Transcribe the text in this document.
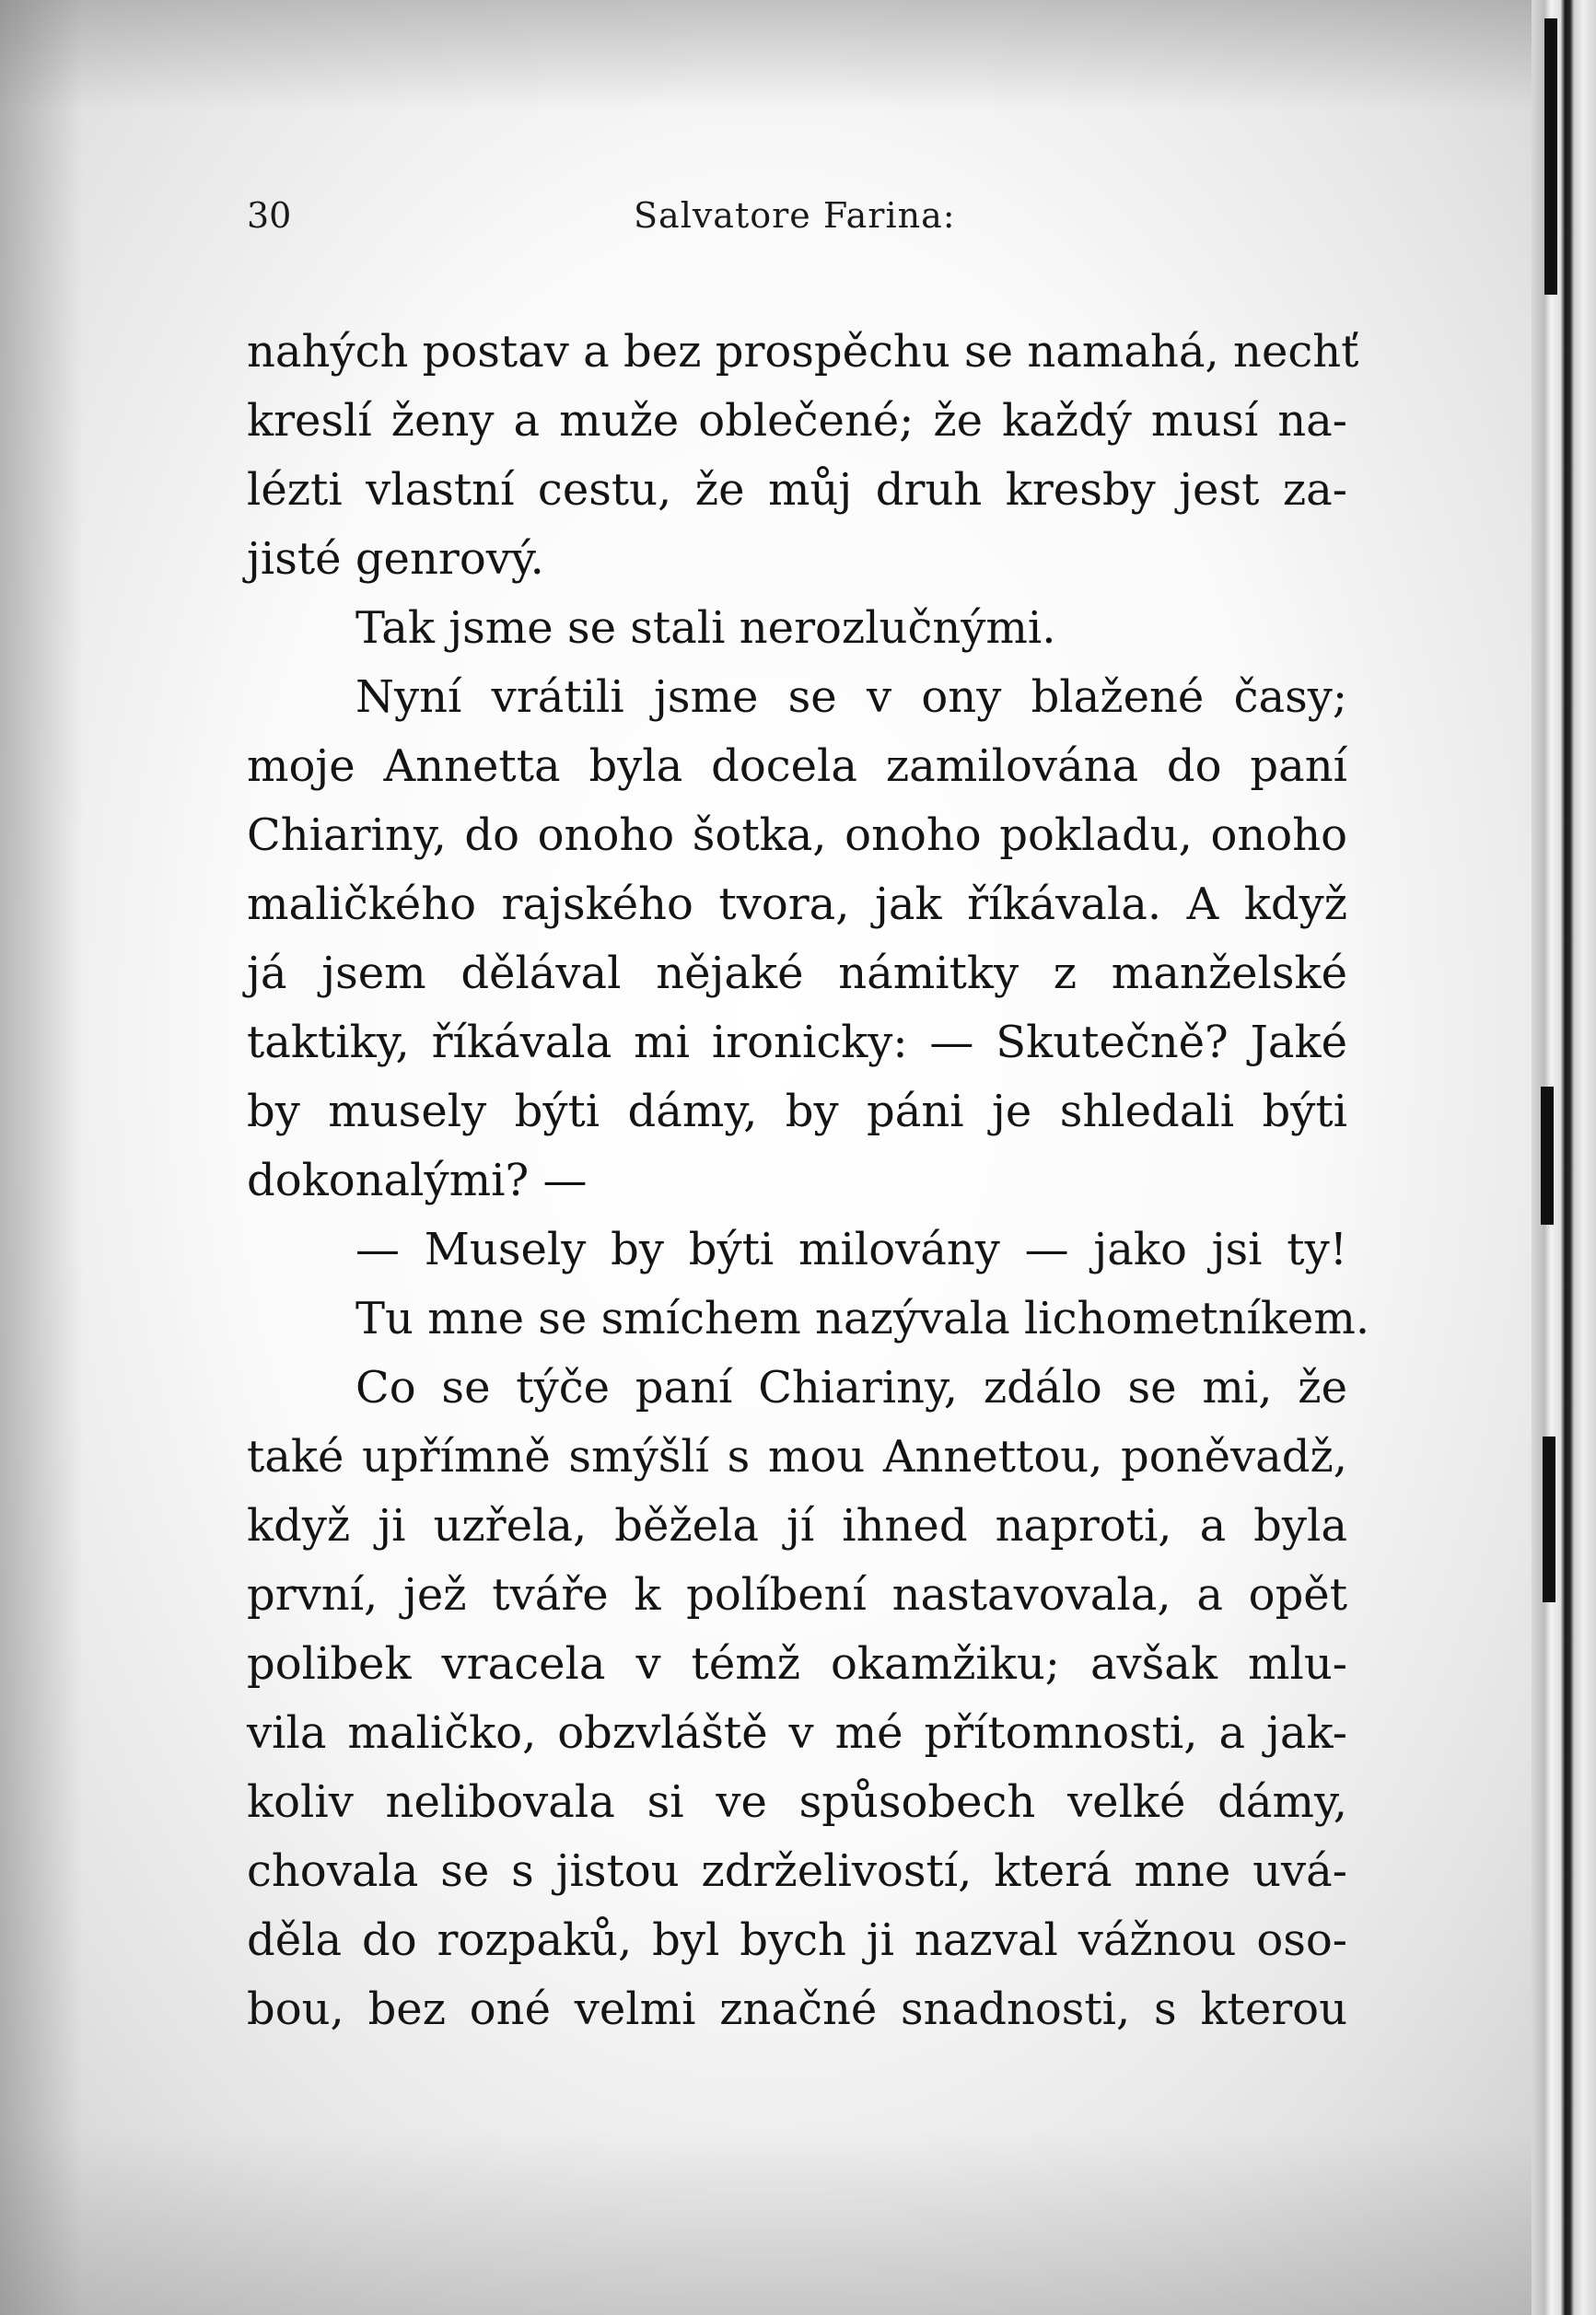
30	Salvatore Farina:
nahých postav a bez prospěchu se namahá, nechť
kreslí ženy a muže oblečené; že každý musí na-
lézti vlastní cestu, že můj druh kresby jest za-
jisté genrový.
Tak jsme se stali nerozlučnými.
Nyní vrátili jsme se v ony blažené časy;
moje Annetta byla docela zamilována do paní
Chiariny, do onoho šotka, onoho pokladu, onoho
maličkého rajského tvora, jak říkávala. A když
já jsem dělával nějaké námitky z manželské
taktiky, říkávala mi ironicky: — Skutečně? Jaké
by musely býti dámy, by páni je shledali býti
dokonalými? —
— Musely by býti milovány — jako jsi ty!
Tu mne se smíchem nazývala lichometníkem.
Co se týče paní Chiariny, zdálo se mi, že
také upřímně smýšlí s mou Annettou, poněvadž,
když ji uzřela, běžela jí ihned naproti, a byla
první, jež tváře k políbení nastavovala, a opět
polibek vracela v témž okamžiku; avšak mlu-
vila maličko, obzvláště v mé přítomnosti, a jak-
koliv nelibovala si ve spůsobech velké dámy,
chovala se s jistou zdrželivostí, která mne uvá-
děla do rozpaků, byl bych ji nazval vážnou oso-
bou, bez oné velmi značné snadnosti, s kterou
